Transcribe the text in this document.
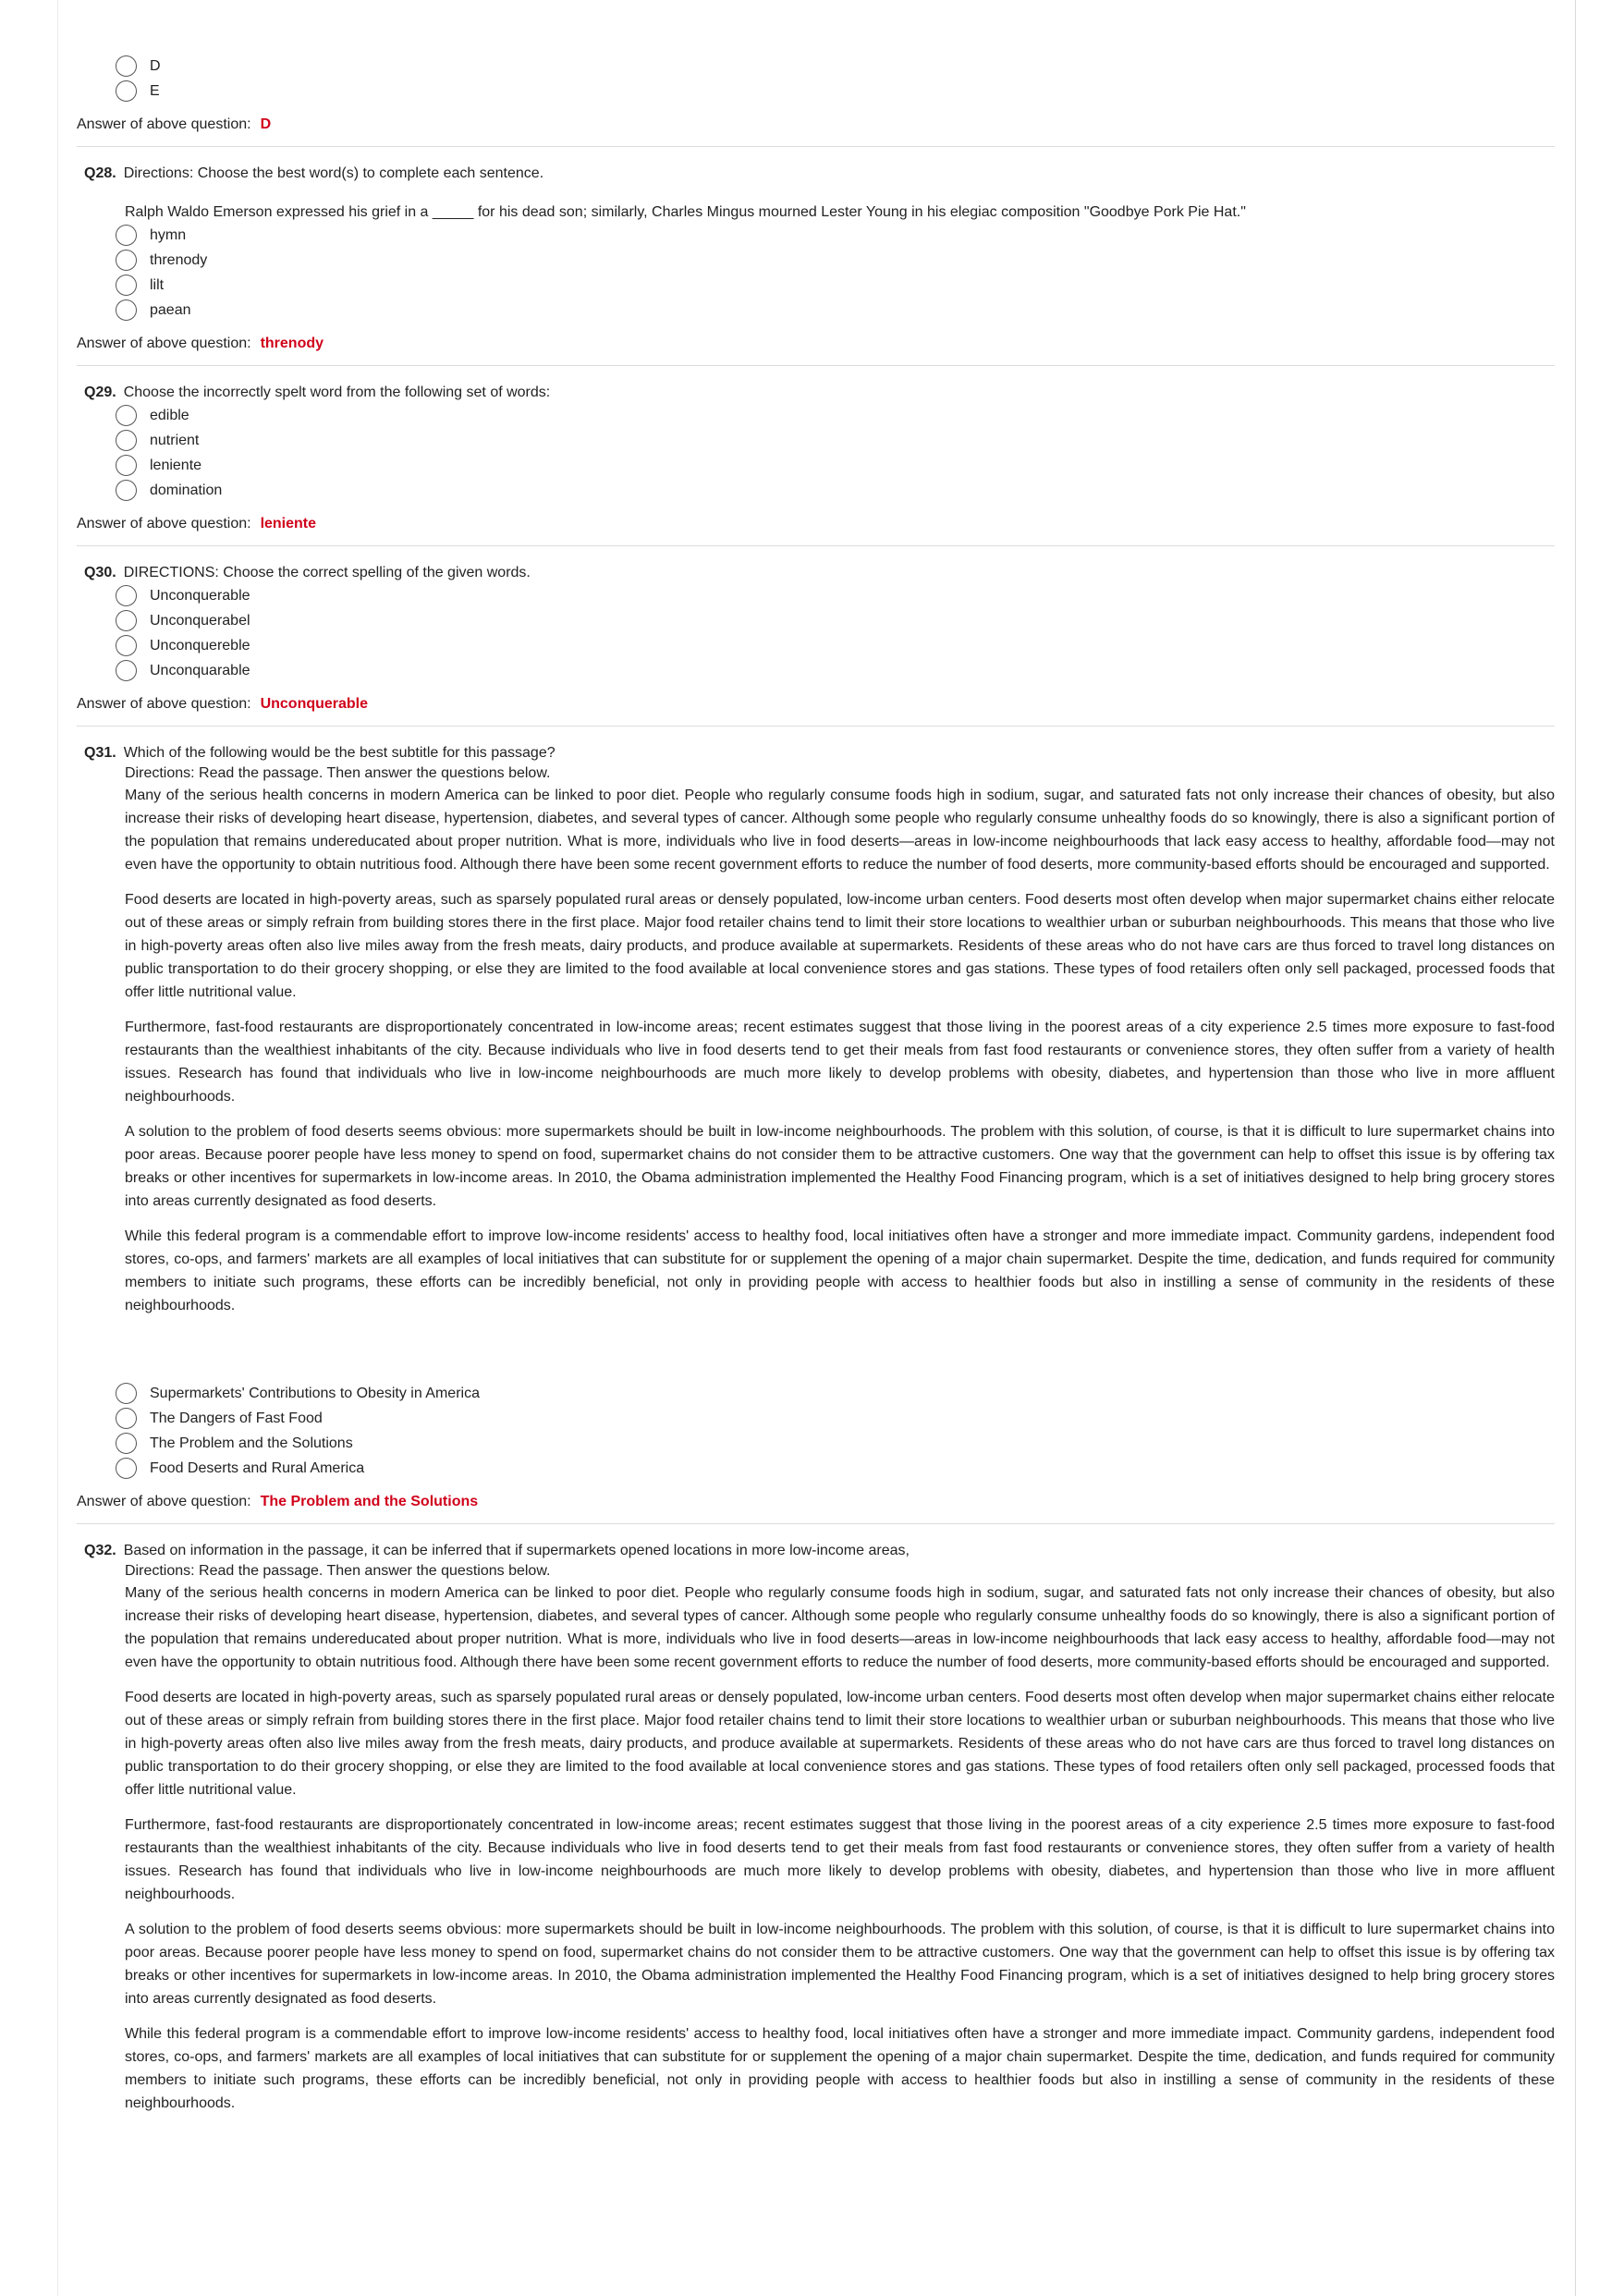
D
E
Answer of above question: D
Q28. Directions: Choose the best word(s) to complete each sentence.
Ralph Waldo Emerson expressed his grief in a _____ for his dead son; similarly, Charles Mingus mourned Lester Young in his elegiac composition "Goodbye Pork Pie Hat."
hymn
threnody
lilt
paean
Answer of above question: threnody
Q29. Choose the incorrectly spelt word from the following set of words:
edible
nutrient
leniente
domination
Answer of above question: leniente
Q30. DIRECTIONS: Choose the correct spelling of the given words.
Unconquerable
Unconquerabel
Unconquereble
Unconquarable
Answer of above question: Unconquerable
Q31. Which of the following would be the best subtitle for this passage?
Directions: Read the passage. Then answer the questions below.

Many of the serious health concerns in modern America can be linked to poor diet. People who regularly consume foods high in sodium, sugar, and saturated fats not only increase their chances of obesity, but also increase their risks of developing heart disease, hypertension, diabetes, and several types of cancer. Although some people who regularly consume unhealthy foods do so knowingly, there is also a significant portion of the population that remains undereducated about proper nutrition. What is more, individuals who live in food deserts—areas in low-income neighbourhoods that lack easy access to healthy, affordable food—may not even have the opportunity to obtain nutritious food. Although there have been some recent government efforts to reduce the number of food deserts, more community-based efforts should be encouraged and supported.

Food deserts are located in high-poverty areas, such as sparsely populated rural areas or densely populated, low-income urban centers. Food deserts most often develop when major supermarket chains either relocate out of these areas or simply refrain from building stores there in the first place. Major food retailer chains tend to limit their store locations to wealthier urban or suburban neighbourhoods. This means that those who live in high-poverty areas often also live miles away from the fresh meats, dairy products, and produce available at supermarkets. Residents of these areas who do not have cars are thus forced to travel long distances on public transportation to do their grocery shopping, or else they are limited to the food available at local convenience stores and gas stations. These types of food retailers often only sell packaged, processed foods that offer little nutritional value.

Furthermore, fast-food restaurants are disproportionately concentrated in low-income areas; recent estimates suggest that those living in the poorest areas of a city experience 2.5 times more exposure to fast-food restaurants than the wealthiest inhabitants of the city. Because individuals who live in food deserts tend to get their meals from fast food restaurants or convenience stores, they often suffer from a variety of health issues. Research has found that individuals who live in low-income neighbourhoods are much more likely to develop problems with obesity, diabetes, and hypertension than those who live in more affluent neighbourhoods.

A solution to the problem of food deserts seems obvious: more supermarkets should be built in low-income neighbourhoods. The problem with this solution, of course, is that it is difficult to lure supermarket chains into poor areas. Because poorer people have less money to spend on food, supermarket chains do not consider them to be attractive customers. One way that the government can help to offset this issue is by offering tax breaks or other incentives for supermarkets in low-income areas. In 2010, the Obama administration implemented the Healthy Food Financing program, which is a set of initiatives designed to help bring grocery stores into areas currently designated as food deserts.

While this federal program is a commendable effort to improve low-income residents' access to healthy food, local initiatives often have a stronger and more immediate impact. Community gardens, independent food stores, co-ops, and farmers' markets are all examples of local initiatives that can substitute for or supplement the opening of a major chain supermarket. Despite the time, dedication, and funds required for community members to initiate such programs, these efforts can be incredibly beneficial, not only in providing people with access to healthier foods but also in instilling a sense of community in the residents of these neighbourhoods.

Supermarkets' Contributions to Obesity in America
The Dangers of Fast Food
The Problem and the Solutions
Food Deserts and Rural America
Answer of above question: The Problem and the Solutions
Q32. Based on information in the passage, it can be inferred that if supermarkets opened locations in more low-income areas,
Directions: Read the passage. Then answer the questions below.

Many of the serious health concerns in modern America can be linked to poor diet. People who regularly consume foods high in sodium, sugar, and saturated fats not only increase their chances of obesity, but also increase their risks of developing heart disease, hypertension, diabetes, and several types of cancer. Although some people who regularly consume unhealthy foods do so knowingly, there is also a significant portion of the population that remains undereducated about proper nutrition. What is more, individuals who live in food deserts—areas in low-income neighbourhoods that lack easy access to healthy, affordable food—may not even have the opportunity to obtain nutritious food. Although there have been some recent government efforts to reduce the number of food deserts, more community-based efforts should be encouraged and supported.

Food deserts are located in high-poverty areas, such as sparsely populated rural areas or densely populated, low-income urban centers. Food deserts most often develop when major supermarket chains either relocate out of these areas or simply refrain from building stores there in the first place. Major food retailer chains tend to limit their store locations to wealthier urban or suburban neighbourhoods. This means that those who live in high-poverty areas often also live miles away from the fresh meats, dairy products, and produce available at supermarkets. Residents of these areas who do not have cars are thus forced to travel long distances on public transportation to do their grocery shopping, or else they are limited to the food available at local convenience stores and gas stations. These types of food retailers often only sell packaged, processed foods that offer little nutritional value.

Furthermore, fast-food restaurants are disproportionately concentrated in low-income areas; recent estimates suggest that those living in the poorest areas of a city experience 2.5 times more exposure to fast-food restaurants than the wealthiest inhabitants of the city. Because individuals who live in food deserts tend to get their meals from fast food restaurants or convenience stores, they often suffer from a variety of health issues. Research has found that individuals who live in low-income neighbourhoods are much more likely to develop problems with obesity, diabetes, and hypertension than those who live in more affluent neighbourhoods.

A solution to the problem of food deserts seems obvious: more supermarkets should be built in low-income neighbourhoods. The problem with this solution, of course, is that it is difficult to lure supermarket chains into poor areas. Because poorer people have less money to spend on food, supermarket chains do not consider them to be attractive customers. One way that the government can help to offset this issue is by offering tax breaks or other incentives for supermarkets in low-income areas. In 2010, the Obama administration implemented the Healthy Food Financing program, which is a set of initiatives designed to help bring grocery stores into areas currently designated as food deserts.

While this federal program is a commendable effort to improve low-income residents' access to healthy food, local initiatives often have a stronger and more immediate impact. Community gardens, independent food stores, co-ops, and farmers' markets are all examples of local initiatives that can substitute for or supplement the opening of a major chain supermarket. Despite the time, dedication, and funds required for community members to initiate such programs, these efforts can be incredibly beneficial, not only in providing people with access to healthier foods but also in instilling a sense of community in the residents of these neighbourhoods.
